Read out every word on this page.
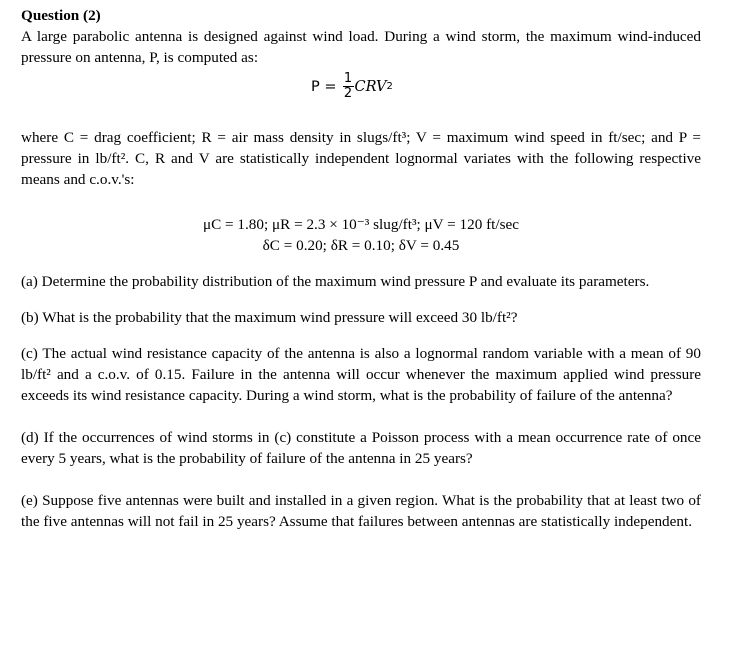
Question (2)

A large parabolic antenna is designed against wind load. During a wind storm, the maximum wind-induced pressure on antenna, P, is computed as:

$P = \frac{1}{2}$ CRV 2

where C = drag coefficient; R = air mass density in slugs/ft³; V = maximum wind speed in ft/sec; and P = pressure in lb/ft². C, R and V are statistically independent lognormal variates with the following respective means and c.o.v.'s:

μC = 1.80; μR = 2.3 × 10⁻³ slug/ft³; μV = 120 ft/sec

δC = 0.20; δR = 0.10; δV = 0.45

(a) Determine the probability distribution of the maximum wind pressure P and evaluate its parameters.

(b) What is the probability that the maximum wind pressure will exceed 30 lb/ft²?

(c) The actual wind resistance capacity of the antenna is also a lognormal random variable with a mean of 90 lb/ft² and a c.o.v. of 0.15. Failure in the antenna will occur whenever the maximum applied wind pressure exceeds its wind resistance capacity. During a wind storm, what is the probability of failure of the antenna?

(d) If the occurrences of wind storms in (c) constitute a Poisson process with a mean occurrence rate of once every 5 years, what is the probability of failure of the antenna in 25 years?

(e) Suppose five antennas were built and installed in a given region. What is the probability that at least two of the five antennas will not fail in 25 years? Assume that failures between antennas are statistically independent.
